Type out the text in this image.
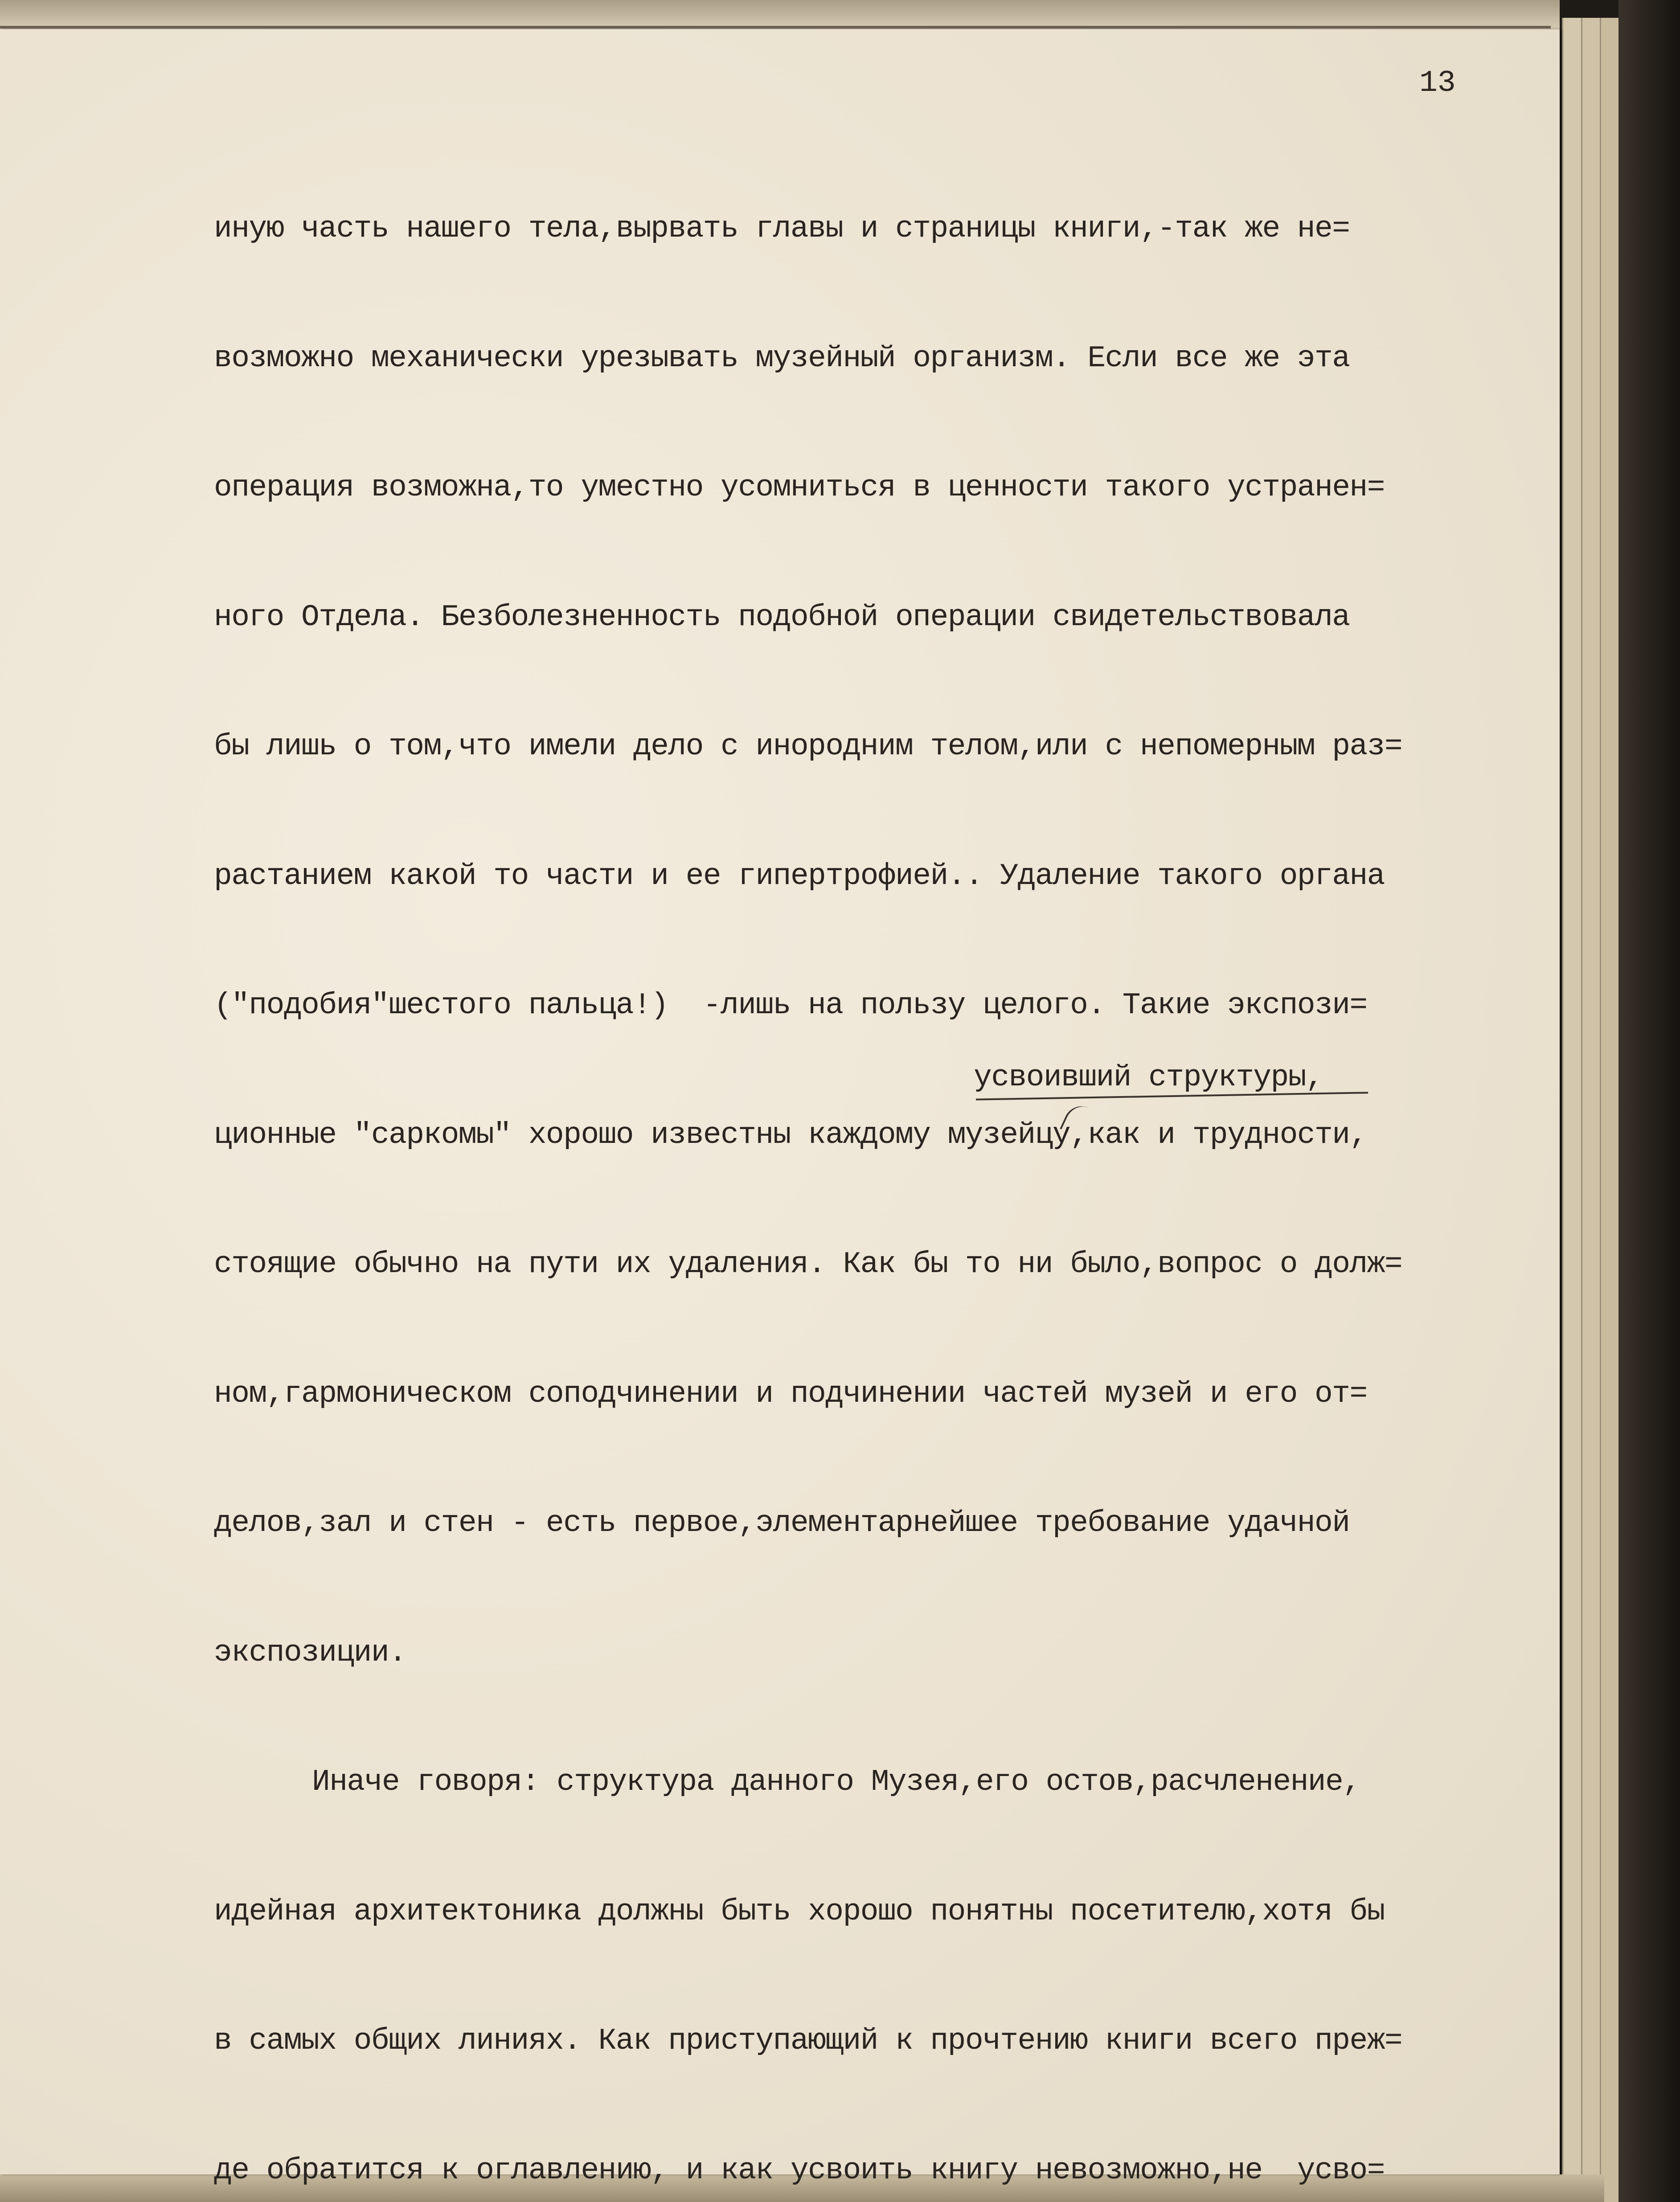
13

иную часть нашего тела,вырвать главы и страницы книги,-так же не=

возможно механически урезывать музейный организм. Если все же эта

операция возможна,то уместно усомниться в ценности такого устранен=

ного Отдела. Безболезненность подобной операции свидетельствовала

бы лишь о том,что имели дело с инородним телом,или с непомерным раз=

растанием какой то части и ее гипертрофией.. Удаление такого органа

("подобия"шестого пальца!)  -лишь на пользу целого. Такие экспози=

ционные "саркомы" хорошо известны каждому музейцу,как и трудности,

стоящие обычно на пути их удаления. Как бы то ни было,вопрос о долж=

ном,гармоническом соподчинении и подчинении частей музей и его от=

делов,зал и стен - есть первое,элементарнейшее требование удачной

экспозиции.

Иначе говоря: структура данного Музея,его остов,расчленение,

идейная архитектоника должны быть хорошо понятны посетителю,хотя бы

в самых общих линиях. Как приступающий к прочтению книги всего преж=

де обратится к оглавлению, и как усвоить книгу невозможно,не  усво=

усвоивший структуры,
